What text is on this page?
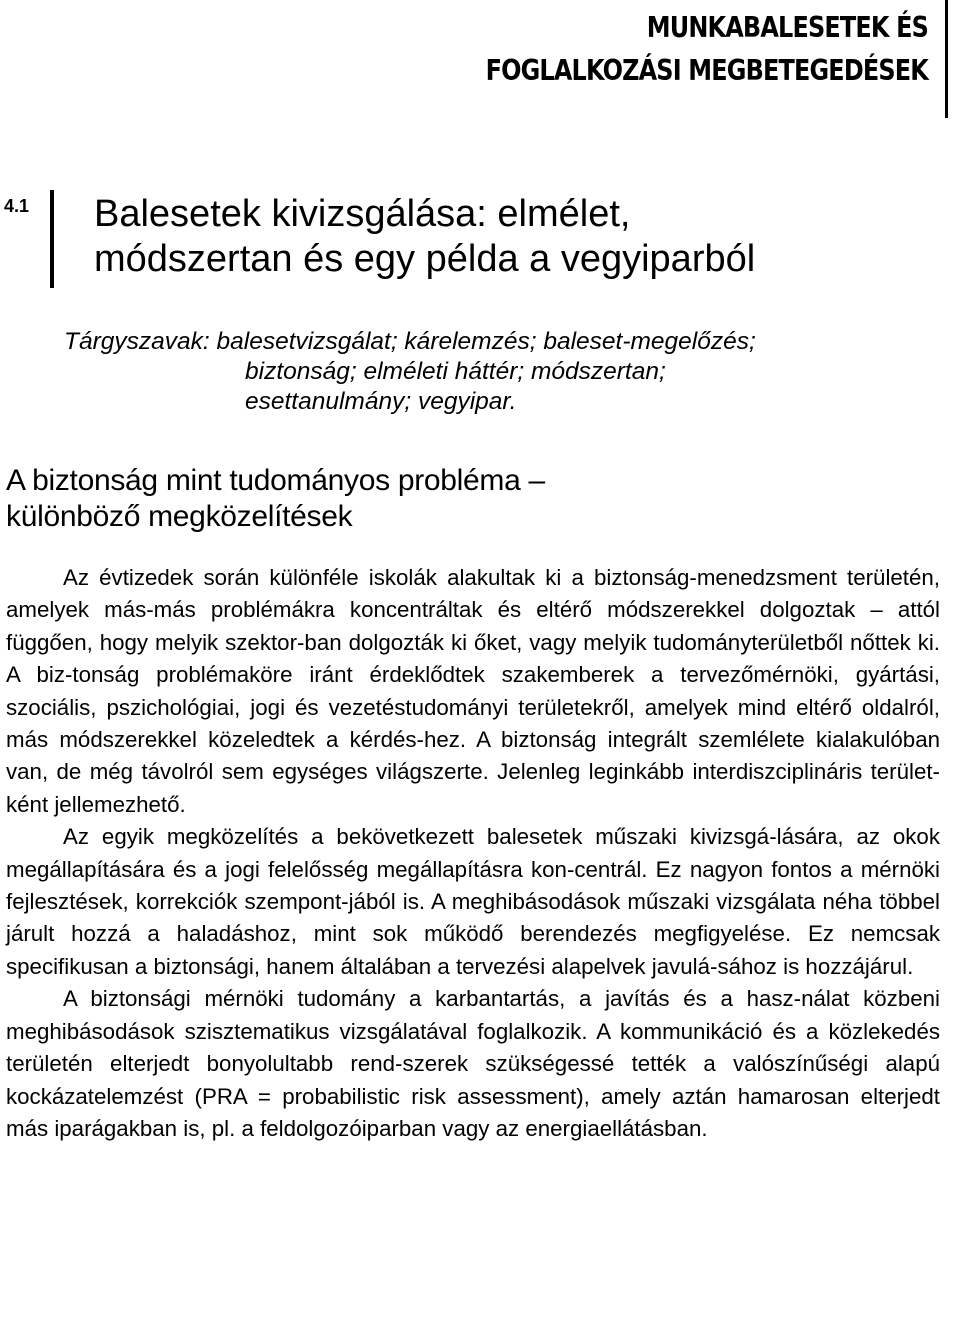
MUNKABALESETEK ÉS
FOGLALKOZÁSI MEGBETEGEDÉSEK
4.1 Balesetek kivizsgálása: elmélet,
módszertan és egy példa a vegyiparból
Tárgyszavak: balesetvizsgálat; kárelemzés; baleset-megelőzés;
biztonság; elméleti háttér; módszertan;
esettanulmány; vegyipar.
A biztonság mint tudományos probléma –
különböző megközelítések

Az évtizedek során különféle iskolák alakultak ki a biztonság-menedzsment területén, amelyek más-más problémákra koncentráltak és eltérő módszerekkel dolgoztak – attól függően, hogy melyik szektor-ban dolgozták ki őket, vagy melyik tudományterületből nőttek ki. A biz-tonság problémaköre iránt érdeklődtek szakemberek a tervezőmérnöki, gyártási, szociális, pszichológiai, jogi és vezetéstudományi területekről, amelyek mind eltérő oldalról, más módszerekkel közeledtek a kérdés-hez. A biztonság integrált szemlélete kialakulóban van, de még távolról sem egységes világszerte. Jelenleg leginkább interdiszciplináris terület-ként jellemezhető.

Az egyik megközelítés a bekövetkezett balesetek műszaki kivizsgá-lására, az okok megállapítására és a jogi felelősség megállapításra kon-centrál. Ez nagyon fontos a mérnöki fejlesztések, korrekciók szempont-jából is. A meghibásodások műszaki vizsgálata néha többel járult hozzá a haladáshoz, mint sok működő berendezés megfigyelése. Ez nemcsak specifikusan a biztonsági, hanem általában a tervezési alapelvek javulá-sához is hozzájárul.

A biztonsági mérnöki tudomány a karbantartás, a javítás és a hasz-nálat közbeni meghibásodások szisztematikus vizsgálatával foglalkozik. A kommunikáció és a közlekedés területén elterjedt bonyolultabb rend-szerek szükségessé tették a valószínűségi alapú kockázatelemzést (PRA = probabilistic risk assessment), amely aztán hamarosan elterjedt más iparágakban is, pl. a feldolgozóiparban vagy az energiaellátásban.
